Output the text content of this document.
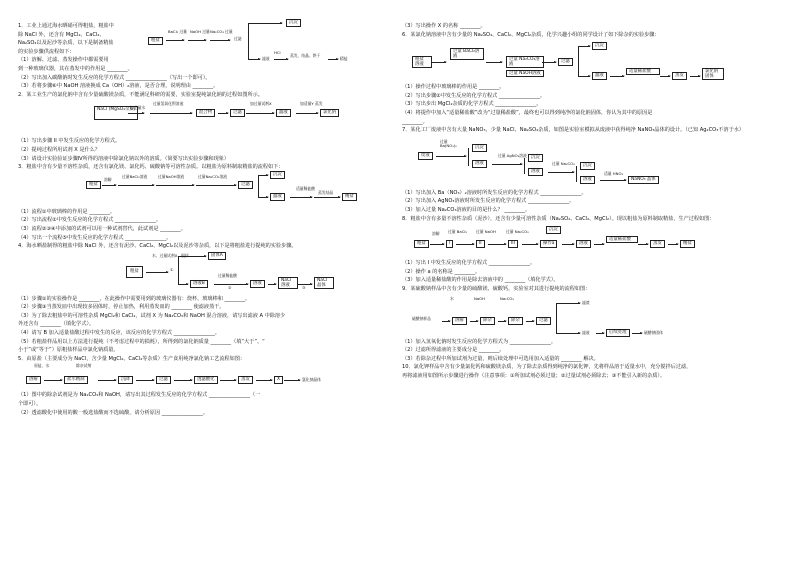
1．工业上通过海水晒硝可得粗盐，粗盐中
除 NaCl 外，还含有 MgCl₂、CaCl₂、
Na₂SO₄以及泥沙等杂质，以下是制备精盐
的实验步骤供流程如下：
（1）溶解、过滤、蒸发操作中都需要用
到一种玻璃仪器，其在蒸发中的作用是 ________。
粗盐
BaCl₂ 过量 NaOH 过量 Na₂CO₃ 过量
过滤
沉淀
滤液
HCl
蒸发、结晶、烘干
精盐
（2）写出加入碳酸钠时发生反应的化学方程式 ________________（写出一个即可）。
（3）若将步骤⑥中 NaOH 溶液换成 Ca（OH）₂溶液，是否合理，说明理由 ________。
2．某工业生产的氯化钠中含有少量硫酸镁杂质，不能满足科研的需要，实验室提纯氯化钠的过程如图所示。
NaCl (MgSO₄杂质)
加足量水
过量氢氧化钡溶液
混合物	过滤
加过量试剂X
滤液
加适量Y 蒸发
氯化钠
（1）写出步骤 II 中发生反应的化学方程式。
（2）提纯过程所用试剂 X 是什么？
（3）请设计实验验证步骤Ⅳ所得的溶液中除氯化钠以外的溶质。（简要写出实验步骤和现象）
3．粗盐中含有少量不溶性杂质，还含有氯化镁、氯化钙、硫酸钠等可溶性杂质。以粗盐为原料制取精盐的流程如下：
粗盐
溶解
过量BaCl₂溶液	过量NaOH溶液	过量Na₂CO₃溶液
过滤
沉淀
滤液
适量稀盐酸
蒸发结晶
精盐
（1）流程①中玻璃棒的作用是 ________。
（2）写出流程②中发生反应的化学方程式 ________________。
（3）流程②③④中添加的试剂可以用一种试剂替代，此试剂是 ________。
（4）写出一个流程⑤中发生反应的化学方程式 ________________。
4．海水晒盐制得的粗盐中除 NaCl 外，还含有泥沙、CaCl₂、MgCl₂以及泥沙等杂质，以下是将粗盐进行提纯的实验步骤。
粗盐
水、过量试剂X、搅拌
①
固体A
溶液B
过量稀盐酸
②
溶液
NaCl 溶液	③
NaCl 晶体
（1）步骤①的实验操作是 ________，在此操作中需要用到的玻璃仪器有：烧杯、玻璃棒和 ________。
（2）步骤③当蒸发皿中出现较多固体时，停止加热，利用蒸发皿的 ________ 使滤液蒸干。
（3）为了除去粗盐中的可溶性杂质 MgCl₂和 CaCl₂，试剂 X 为 Na₂CO₃和 NaOH 混合溶液，请写出滤液 A 中除溶少
外还含有 ________（填化学式）。
（4）请写 B 加入适量盐酸过程中发生的反应，该反应的化学方程式 ________________。
（5）若粗盐样品用以上方法进行提纯（不考虑过程中的损耗），所得到的氯化钠质量 ________（填“大于”、“
小于”或“等于”）原粗盐样品中氯化钠质量。
5．由原盐（主要成分为 NaCl，含少量 MgCl₂、CaCl₂等杂质）生产食用纯净氯化钠工艺流程如图：
原盐、水	除杂试剂
溶解	盐水精制	沉降	过滤	透滤酸化	蒸发	X	氯化钠晶体
（1）图中的除杂试剂是为 Na₂CO₃和 NaOH，请写出其过程发生反应的化学方程式 ________________（一
个即可）。
（2）透滤酸化中使用的酸一般选盐酸而不选硫酸，请分析原因 ________________。
（3）写出操作 X 的名称 ________。
6．某氯化钠溶液中含有少量的 Na₂SO₄、CaCl₂、MgCl₂杂质，化学兴趣小组的同学设计了如下除杂的实验步骤：
粗盐 溶液
过量 BaCl₂溶液
过量 Na₂CO₃溶液
过量 NaOH溶液
过滤
沉淀
滤液
适量稀盐酸
蒸发
氯化钠固体
（1）操作过程中玻璃棒的作用是 ________。
（2）写出步骤②中发生反应的化学方程式 ________________。
（3）写出步出 MgCl₂杂质的化学方程式 ________________。
（4）将提作中加入“适量稀盐酸”改为“过量稀盐酸”，最终也可以得到纯净的氯化钠固体，你认为其中的原因是
________。
7．某化工厂废液中含有大量 NaNO₃，少量 NaCl、Na₂SO₄杂质，如图是实验室模拟从废液中获得纯净 NaNO₃晶体的设计。（已知 Ag₂CO₃不溶于水）
废液
过量 Ba(NO₃)₂	沉淀
溶液
过量 AgNO₃溶液 沉淀
溶液
过量 Na₂CO₃	沉淀
溶液
适量 HNO₃
NaNO₃ 晶体
（1）写出加入 Ba（NO₃）₂溶液时所发生反应的化学方程式 ________________。
（2）写出加入 AgNO₃溶液时所发生反应的化学方程式 ________________。
（3）加入过量 Na₂CO₃溶液的目的是什么？ ________。
8．粗盐中含有多量不溶性杂质（泥沙），还含有少量可溶性杂质（Na₂SO₄、CaCl₂、MgCl₂）。现以粗盐为原料制取精盐，生产过程如图：
粗盐
溶解 过量 BaCl₂
I
过量 NaOH
II
过量 Na₂CO₃
III	操作a	溶液
适量稀盐酸
蒸发	精盐
沉淀
（1）写出 I 中发生反应的化学方程式 ________________。
（2）操作 a 的名称是 ________。
（3）加入适量稀盐酸的作用是除去溶液中的 ________（填化学式）。
9．某硫酸钠样品中含有少量的硫酸镁、硫酸钙，实验室对其进行提纯的流程如图：
硫酸钠样品
水
溶解
NaOH
除杂
Na₂CO₃
除杂	过滤
滤渣
滤液	后续处理	硫酸钠固体
（1）加入氢氧化钠时发生反应的化学方程式为 ________________。
（2）过滤所得滤液的主要成分是 ________。
（3）若除杂过程中所加试剂为过量，则后续处理中可选用加入适量的 ________ 解决。
10．氯化钾样品中含有少量氯化钙和硫酸镁杂质，为了除去杂质得到纯净的氯化钾，先将样品溶于适量水中，充分搅拌后过滤，
再将滤液用如图所示步骤进行操作（注意事项：①所加试剂必须过量；②过量试剂必须除去；③不能引入新的杂质）。
